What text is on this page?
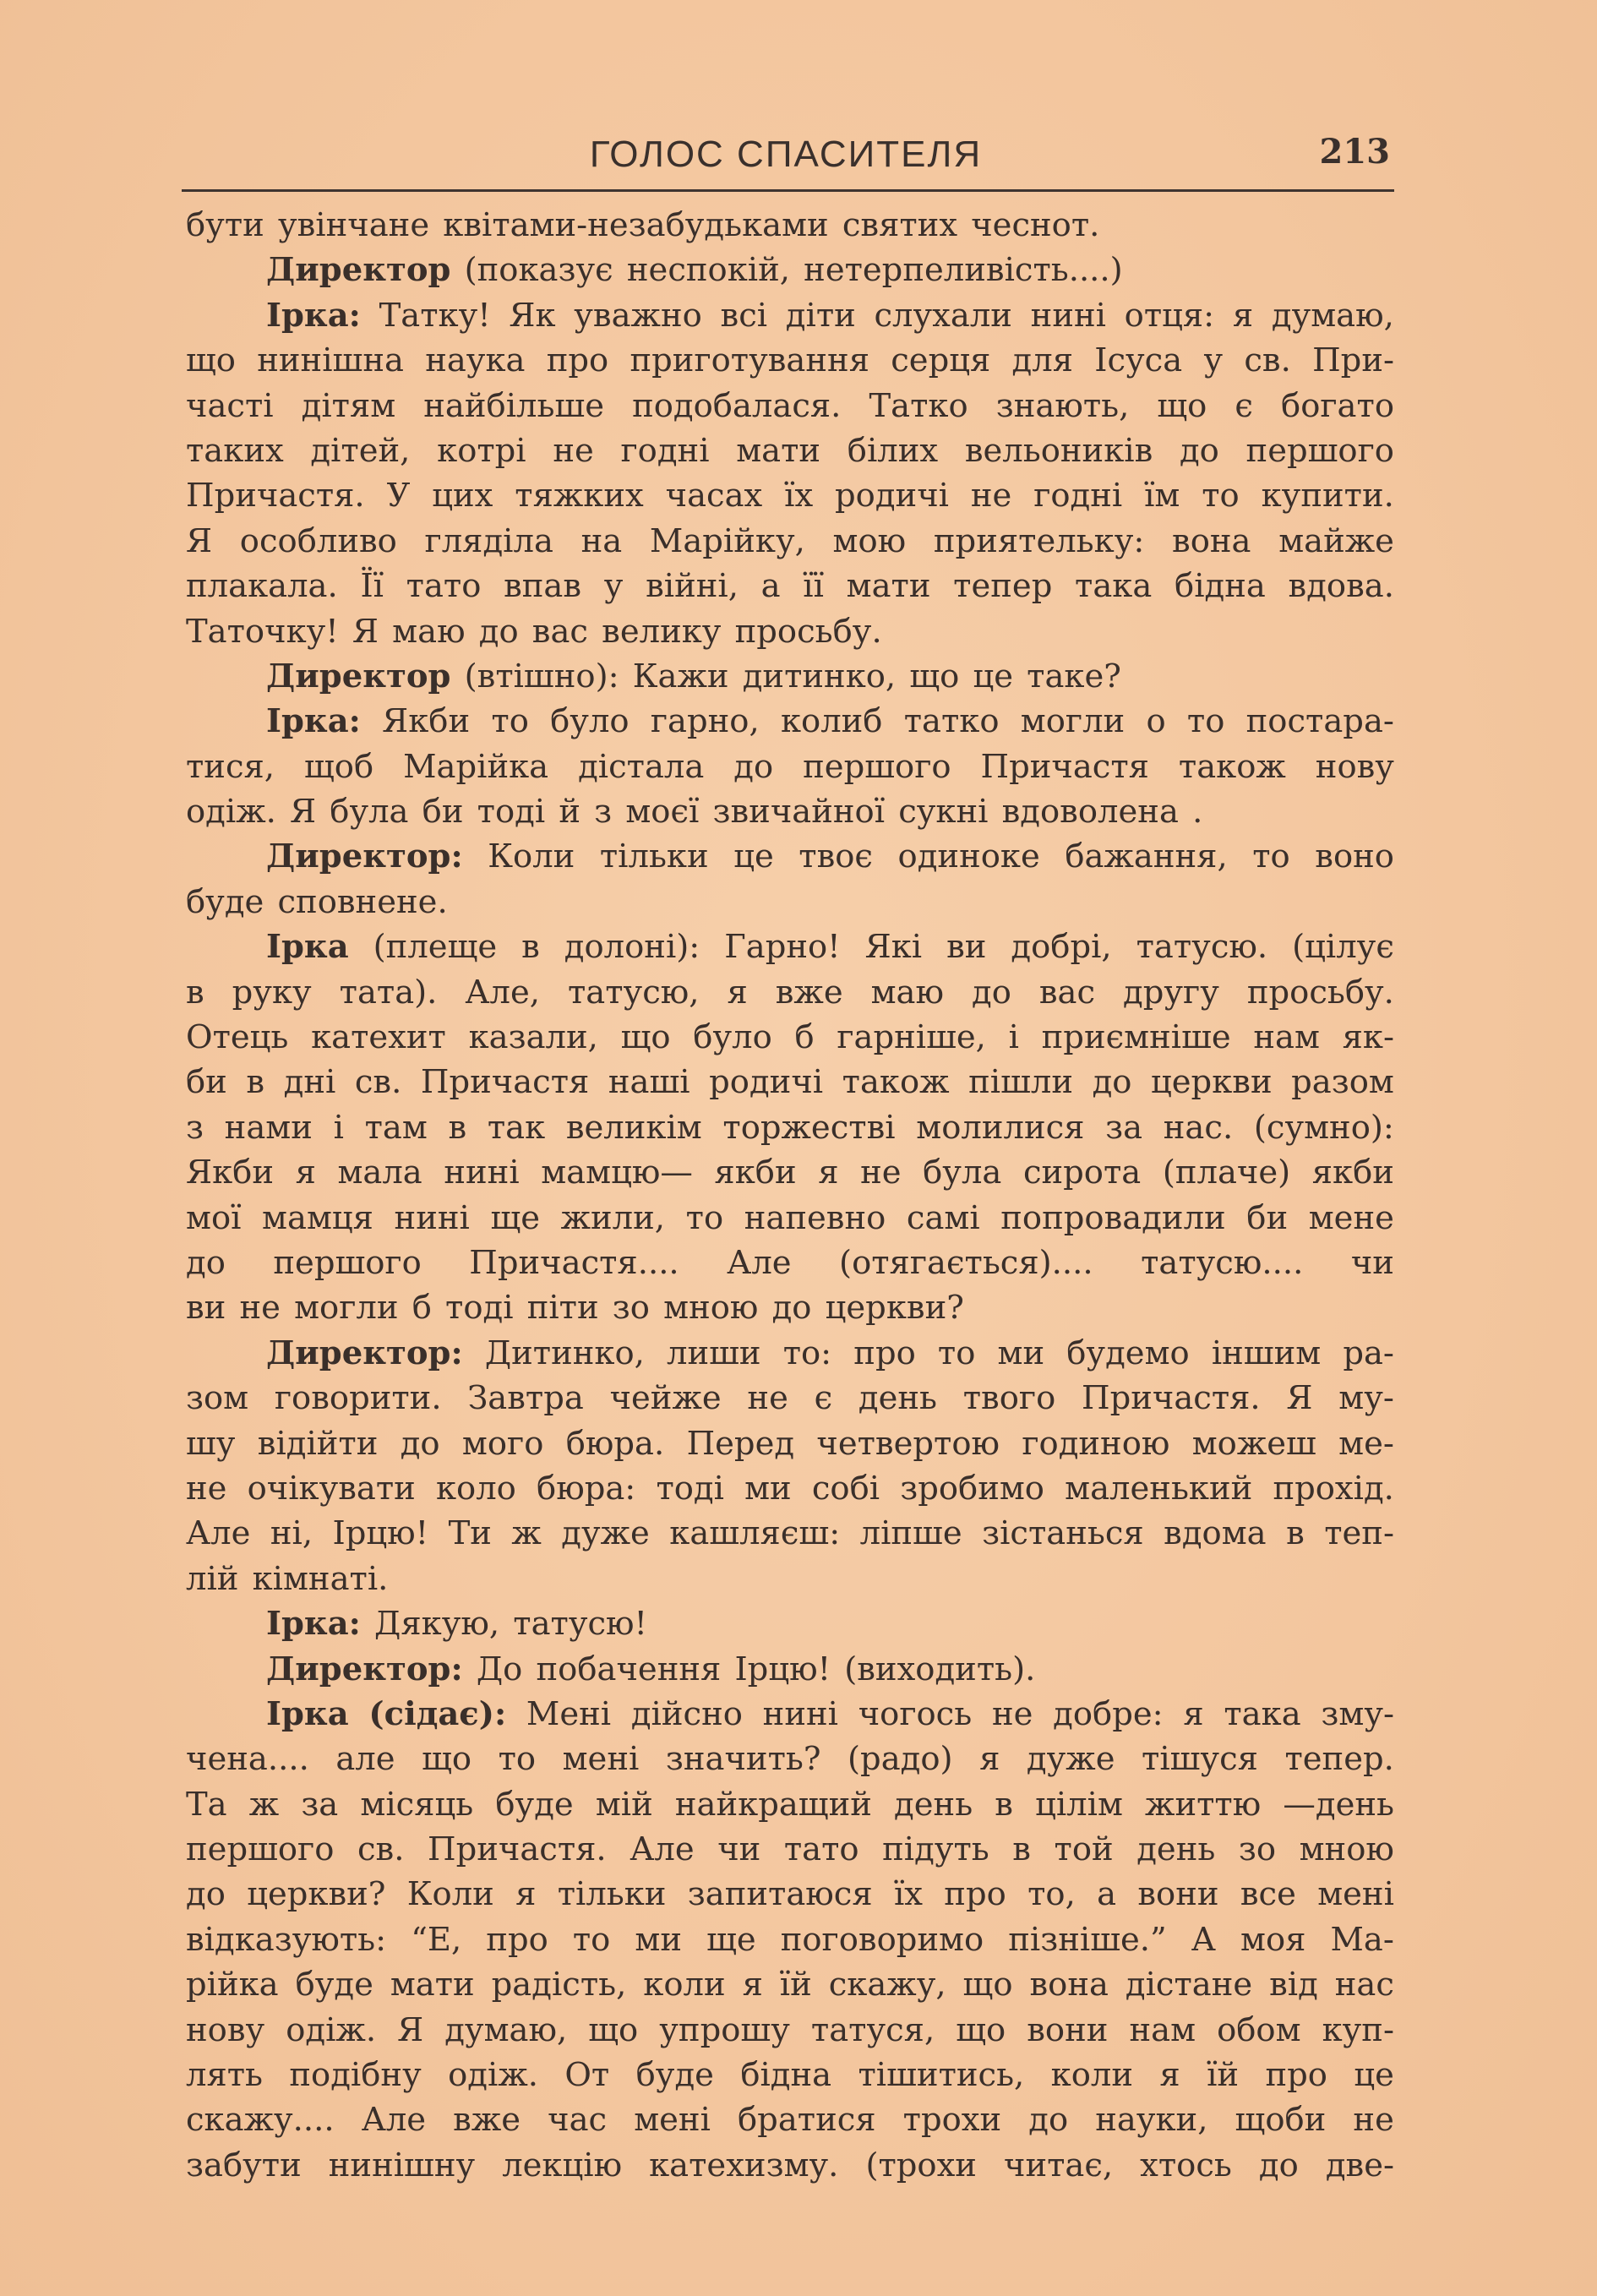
ГОЛОС СПАСИТЕЛЯ	213
бути увінчане квітами-незабудьками святих чеснот.
Директор (показує неспокій, нетерпеливість....)
Ірка: Татку! Як уважно всі діти слухали нині отця: я думаю,
що нинішна наука про приготування серця для Ісуса у св. При-
часті дітям найбільше подобалася. Татко знають, що є богато
таких дітей, котрі не годні мати білих вельоників до першого
Причастя. У цих тяжких часах їх родичі не годні їм то купити.
Я особливо гляділа на Марійку, мою приятельку: вона майже
плакала. Її тато впав у війні, а її мати тепер така бідна вдова.
Таточку! Я маю до вас велику просьбу.
Директор (втішно): Кажи дитинко, що це таке?
Ірка: Якби то було гарно, колиб татко могли о то постара-
тися, щоб Марійка дістала до першого Причастя також нову
одіж. Я була би тоді й з моєї звичайної сукні вдоволена .
Директор: Коли тільки це твоє одиноке бажання, то воно
буде сповнене.
Ірка (плеще в долоні): Гарно! Які ви добрі, татусю. (цілує
в руку тата). Але, татусю, я вже маю до вас другу просьбу.
Отець катехит казали, що було б гарніше, і приємніше нам як-
би в дні св. Причастя наші родичі також пішли до церкви разом
з нами і там в так великім торжестві молилися за нас. (сумно):
Якби я мала нині мамцю— якби я не була сирота (плаче) якби
мої мамця нині ще жили, то напевно самі попровадили би мене
до першого Причастя.... Але (отягається).... татусю.... чи
ви не могли б тоді піти зо мною до церкви?
Директор: Дитинко, лиши то: про то ми будемо іншим ра-
зом говорити. Завтра чейже не є день твого Причастя. Я му-
шу відійти до мого бюра. Перед четвертою годиною можеш ме-
не очікувати коло бюра: тоді ми собі зробимо маленький прохід.
Але ні, Ірцю! Ти ж дуже кашляєш: ліпше зістанься вдома в теп-
лій кімнаті.
Ірка: Дякую, татусю!
Директор: До побачення Ірцю! (виходить).
Ірка (сідає): Мені дійсно нині чогось не добре: я така зму-
чена.... але що то мені значить? (радо) я дуже тішуся тепер.
Та ж за місяць буде мій найкращий день в цілім життю —день
першого св. Причастя. Але чи тато підуть в той день зо мною
до церкви? Коли я тільки запитаюся їх про то, а вони все мені
відказують: “Е, про то ми ще поговоримо пізніше.” А моя Ма-
рійка буде мати радість, коли я їй скажу, що вона дістане від нас
нову одіж. Я думаю, що упрошу татуся, що вони нам обом куп-
лять подібну одіж. От буде бідна тішитись, коли я їй про це
скажу.... Але вже час мені братися трохи до науки, щоби не
забути нинішну лекцію катехизму. (трохи читає, хтось до две-
